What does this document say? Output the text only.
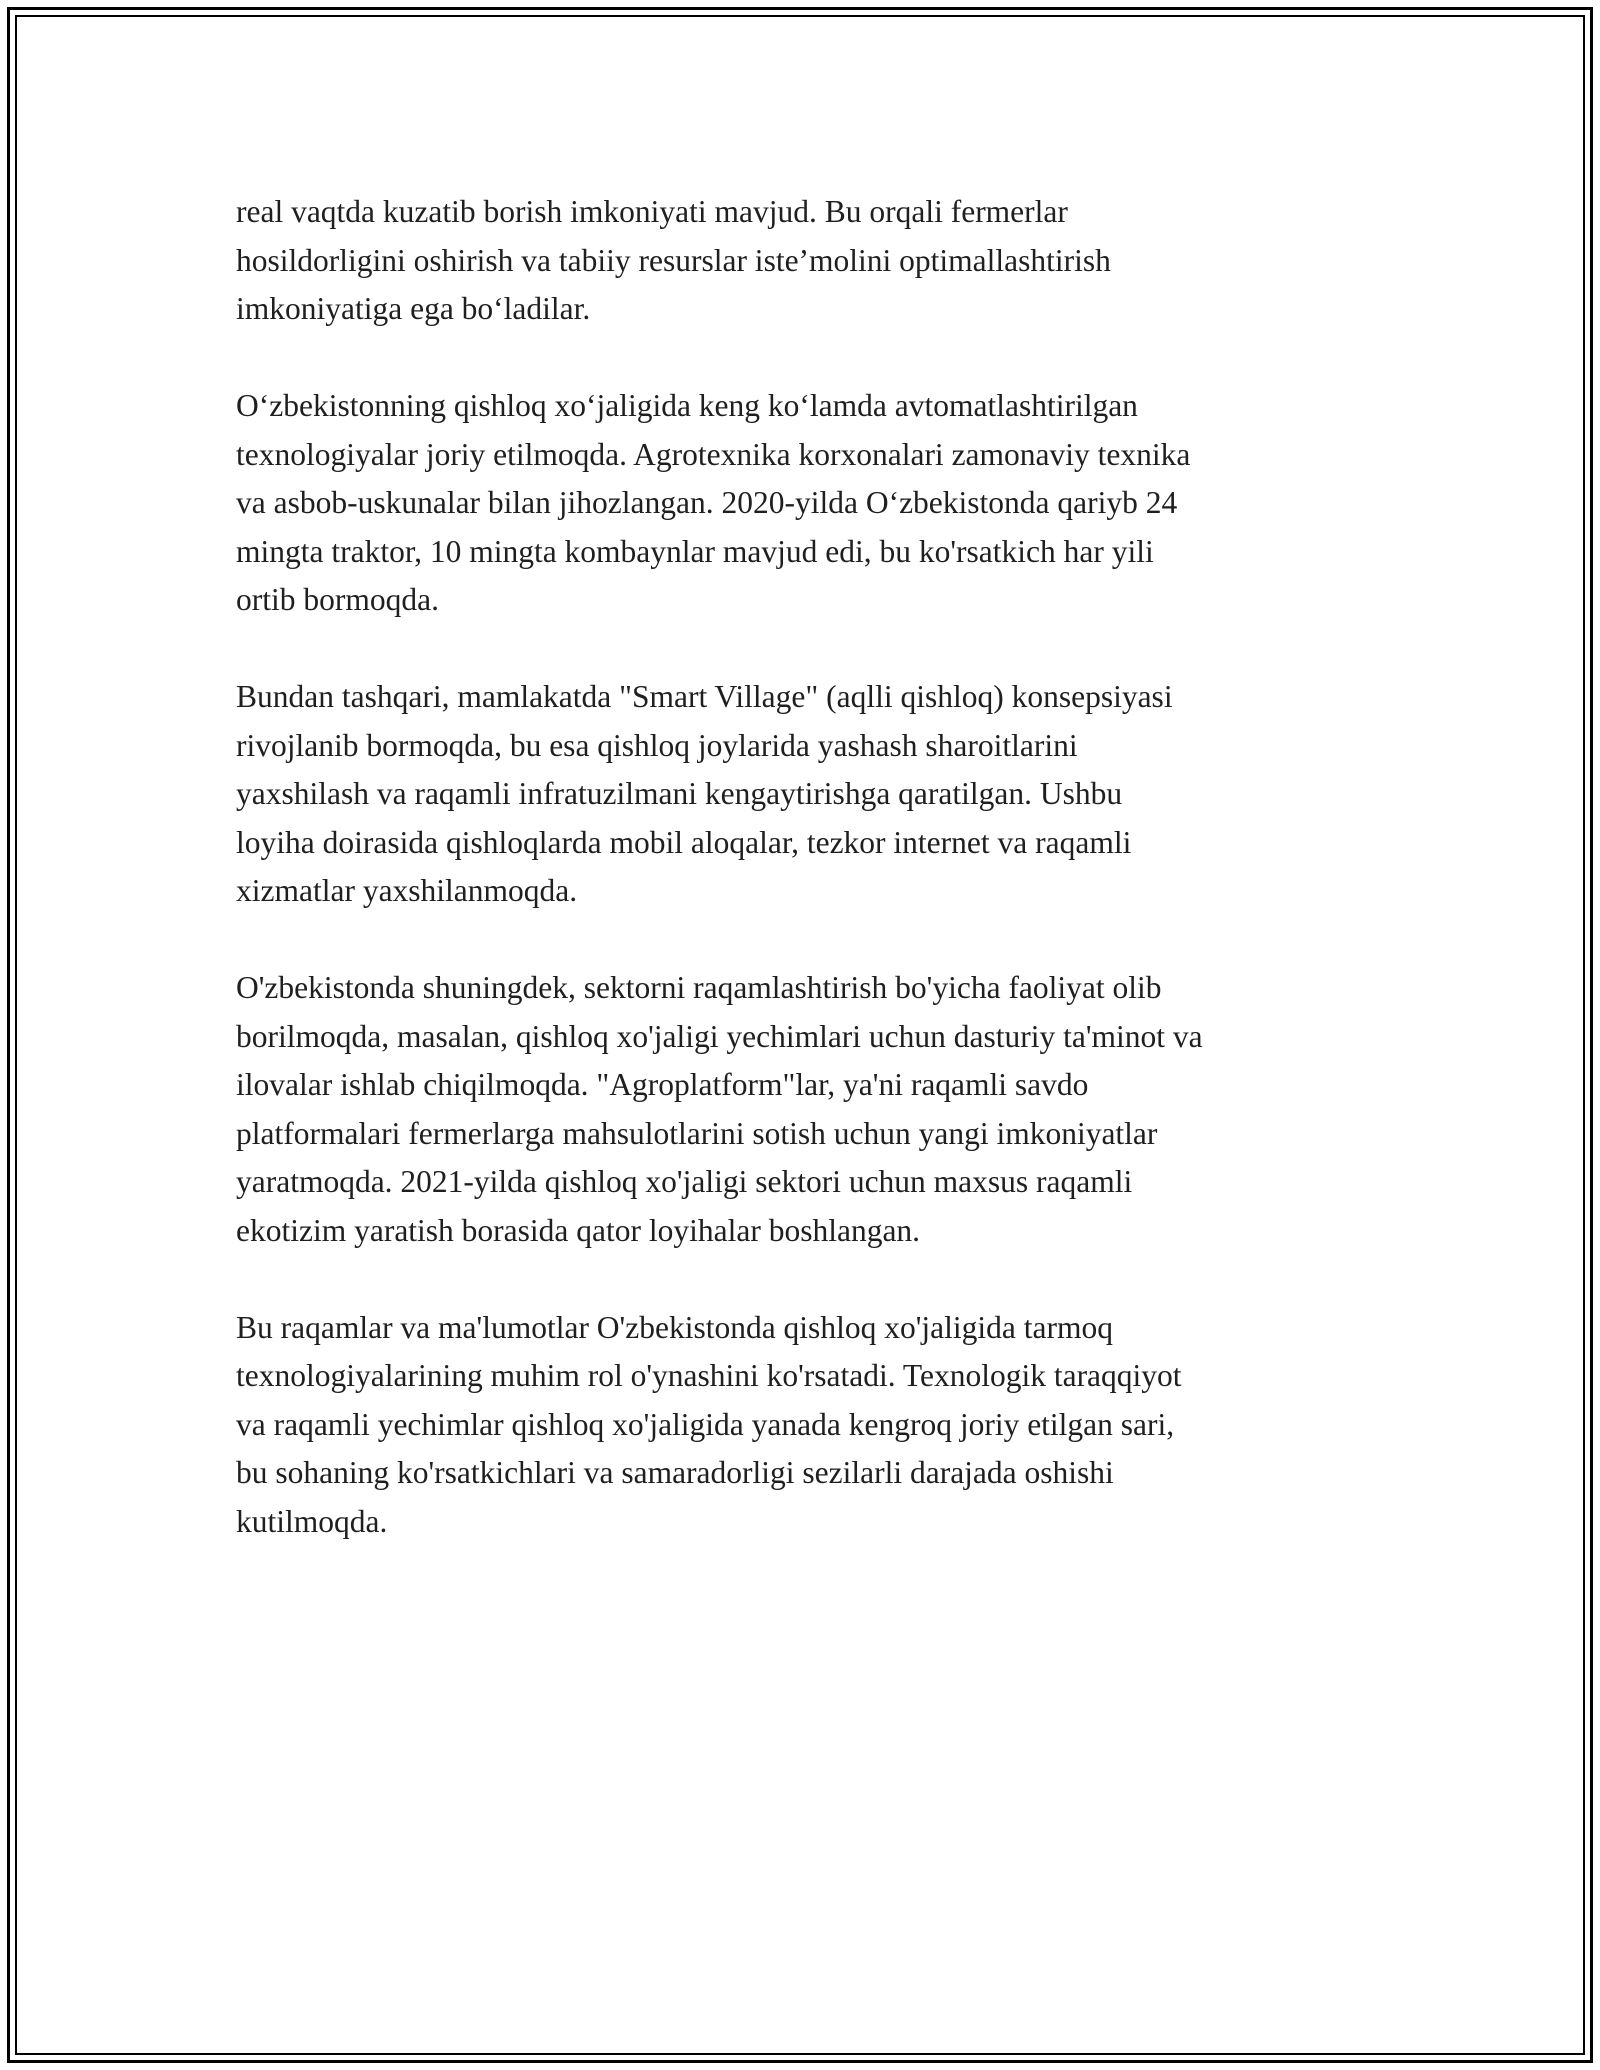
real vaqtda kuzatib borish imkoniyati mavjud. Bu orqali fermerlar
hosildorligini oshirish va tabiiy resurslar iste’molini optimallashtirish
imkoniyatiga ega bo‘ladilar.

O‘zbekistonning qishloq xo‘jaligida keng ko‘lamda avtomatlashtirilgan
texnologiyalar joriy etilmoqda. Agrotexnika korxonalari zamonaviy texnika
va asbob-uskunalar bilan jihozlangan. 2020-yilda O‘zbekistonda qariyb 24
mingta traktor, 10 mingta kombaynlar mavjud edi, bu ko'rsatkich har yili
ortib bormoqda.

Bundan tashqari, mamlakatda "Smart Village" (aqlli qishloq) konsepsiyasi
rivojlanib bormoqda, bu esa qishloq joylarida yashash sharoitlarini
yaxshilash va raqamli infratuzilmani kengaytirishga qaratilgan. Ushbu
loyiha doirasida qishloqlarda mobil aloqalar, tezkor internet va raqamli
xizmatlar yaxshilanmoqda.

O'zbekistonda shuningdek, sektorni raqamlashtirish bo'yicha faoliyat olib
borilmoqda, masalan, qishloq xo'jaligi yechimlari uchun dasturiy ta'minot va
ilovalar ishlab chiqilmoqda. "Agroplatform"lar, ya'ni raqamli savdo
platformalari fermerlarga mahsulotlarini sotish uchun yangi imkoniyatlar
yaratmoqda. 2021-yilda qishloq xo'jaligi sektori uchun maxsus raqamli
ekotizim yaratish borasida qator loyihalar boshlangan.

Bu raqamlar va ma'lumotlar O'zbekistonda qishloq xo'jaligida tarmoq
texnologiyalarining muhim rol o'ynashini ko'rsatadi. Texnologik taraqqiyot
va raqamli yechimlar qishloq xo'jaligida yanada kengroq joriy etilgan sari,
bu sohaning ko'rsatkichlari va samaradorligi sezilarli darajada oshishi
kutilmoqda.
